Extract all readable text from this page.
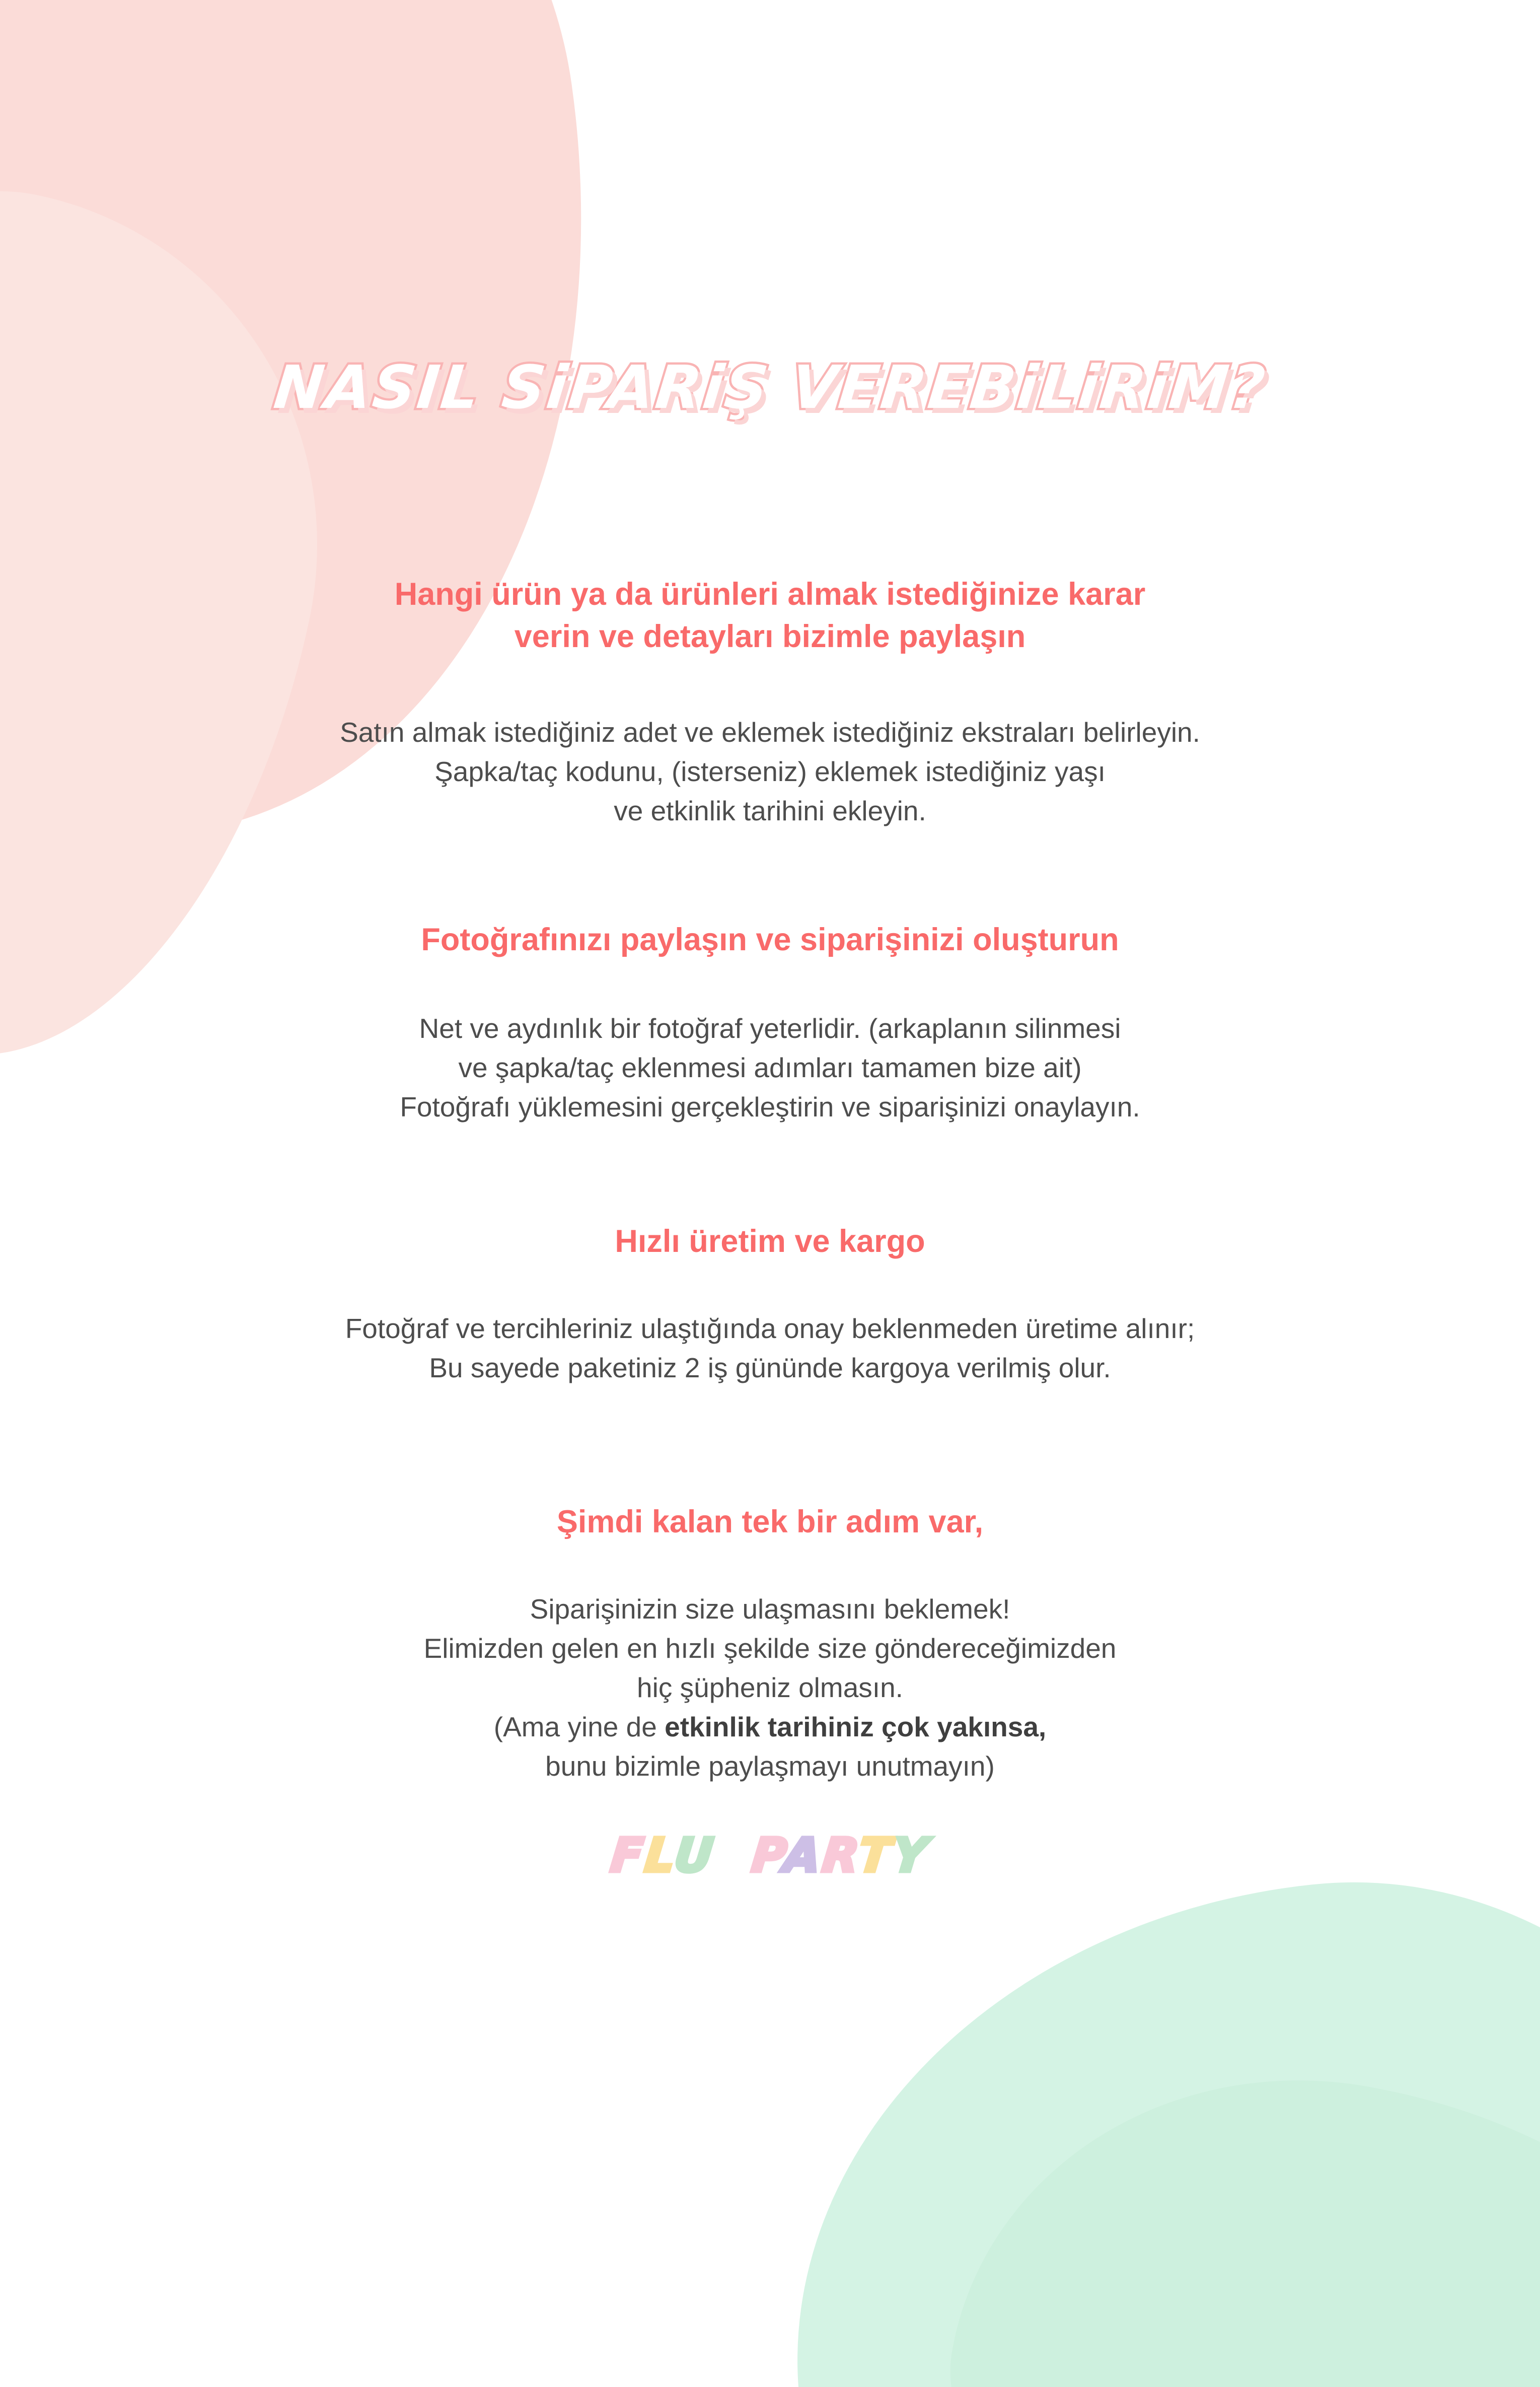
NASIL SiPARiŞ VEREBiLiRiM?

Hangi ürün ya da ürünleri almak istediğinize karar
verin ve detayları bizimle paylaşın

Satın almak istediğiniz adet ve eklemek istediğiniz ekstraları belirleyin.
Şapka/taç kodunu, (isterseniz) eklemek istediğiniz yaşı
ve etkinlik tarihini ekleyin.

Fotoğrafınızı paylaşın ve siparişinizi oluşturun

Net ve aydınlık bir fotoğraf yeterlidir. (arkaplanın silinmesi
ve şapka/taç eklenmesi adımları tamamen bize ait)
Fotoğrafı yüklemesini gerçekleştirin ve siparişinizi onaylayın.

Hızlı üretim ve kargo

Fotoğraf ve tercihleriniz ulaştığında onay beklenmeden üretime alınır;
Bu sayede paketiniz 2 iş gününde kargoya verilmiş olur.

Şimdi kalan tek bir adım var,

Siparişinizin size ulaşmasını beklemek!
Elimizden gelen en hızlı şekilde size göndereceğimizden
hiç şüpheniz olmasın.
(Ama yine de etkinlik tarihiniz çok yakınsa,
bunu bizimle paylaşmayı unutmayın)

FLU PARTY
